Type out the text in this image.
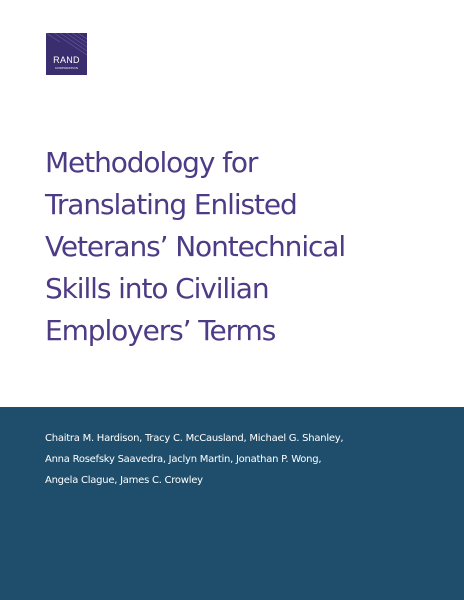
RAND
CORPORATION
Methodology for
Translating Enlisted
Veterans’ Nontechnical
Skills into Civilian
Employers’ Terms
Chaitra M. Hardison, Tracy C. McCausland, Michael G. Shanley,
Anna Rosefsky Saavedra, Jaclyn Martin, Jonathan P. Wong,
Angela Clague, James C. Crowley
